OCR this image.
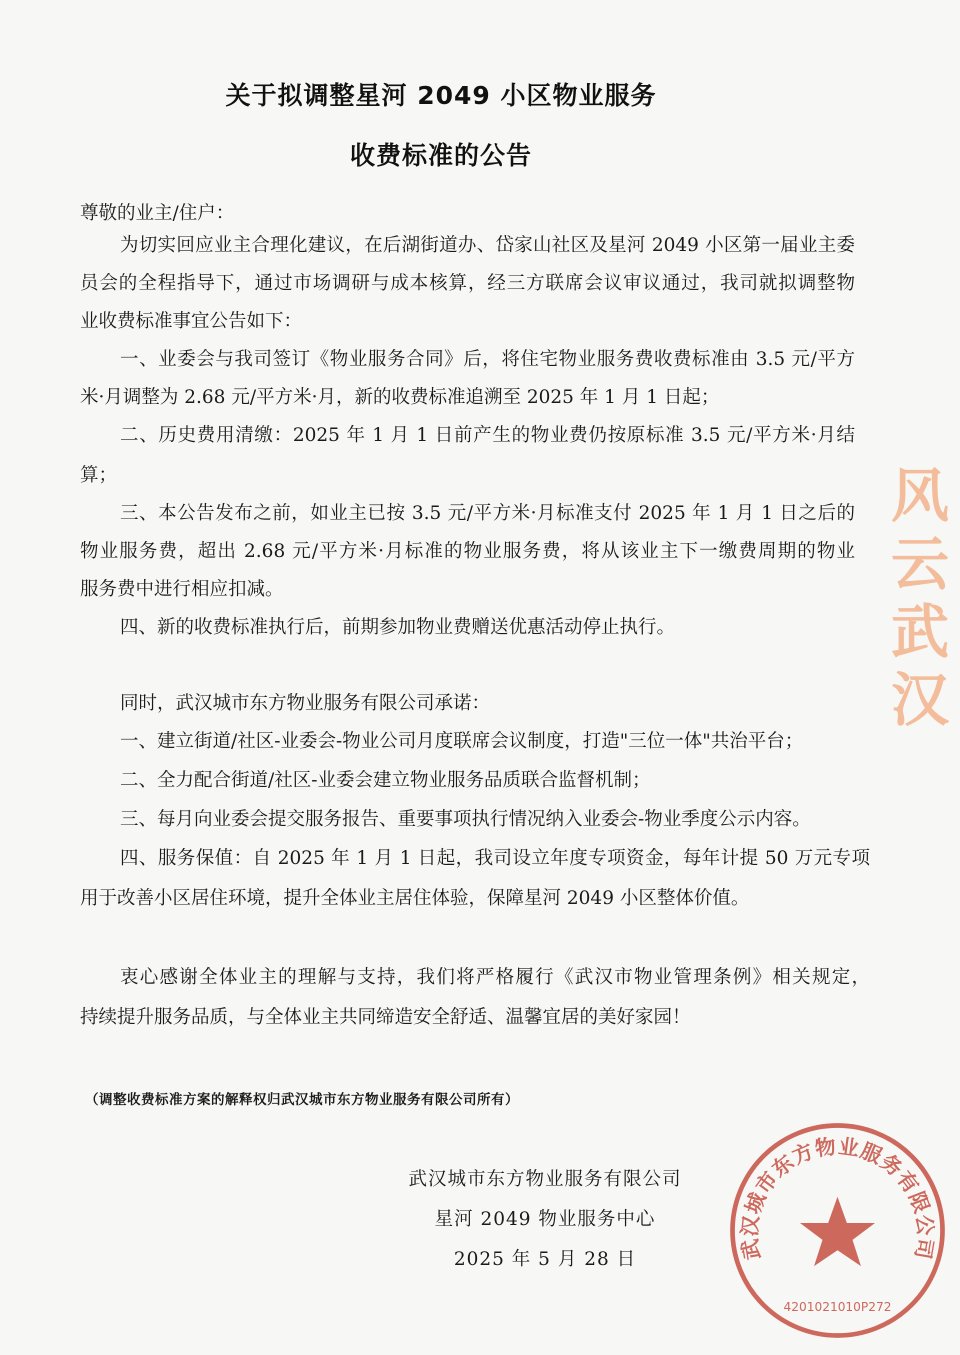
关于拟调整星河 2049 小区物业服务
收费标准的公告
尊敬的业主/住户：
为切实回应业主合理化建议，在后湖街道办、岱家山社区及星河 2049 小区第一届业主委
员会的全程指导下，通过市场调研与成本核算，经三方联席会议审议通过，我司就拟调整物
业收费标准事宜公告如下：
一、业委会与我司签订《物业服务合同》后，将住宅物业服务费收费标准由 3.5 元/平方
米·月调整为 2.68 元/平方米·月，新的收费标准追溯至 2025 年 1 月 1 日起；
二、历史费用清缴：2025 年 1 月 1 日前产生的物业费仍按原标准 3.5 元/平方米·月结
算；
三、本公告发布之前，如业主已按 3.5 元/平方米·月标准支付 2025 年 1 月 1 日之后的
物业服务费，超出 2.68 元/平方米·月标准的物业服务费，将从该业主下一缴费周期的物业
服务费中进行相应扣减。
四、新的收费标准执行后，前期参加物业费赠送优惠活动停止执行。
同时，武汉城市东方物业服务有限公司承诺：
一、建立街道/社区-业委会-物业公司月度联席会议制度，打造"三位一体"共治平台；
二、全力配合街道/社区-业委会建立物业服务品质联合监督机制；
三、每月向业委会提交服务报告、重要事项执行情况纳入业委会-物业季度公示内容。
四、服务保值：自 2025 年 1 月 1 日起，我司设立年度专项资金，每年计提 50 万元专项
用于改善小区居住环境，提升全体业主居住体验，保障星河 2049 小区整体价值。
衷心感谢全体业主的理解与支持，我们将严格履行《武汉市物业管理条例》相关规定，
持续提升服务品质，与全体业主共同缔造安全舒适、温馨宜居的美好家园！
（调整收费标准方案的解释权归武汉城市东方物业服务有限公司所有）
武汉城市东方物业服务有限公司
星河 2049 物业服务中心
2025 年 5 月 28 日	武汉城市东方物业服务有限公司
4201021010P272
风
云
武
汉
